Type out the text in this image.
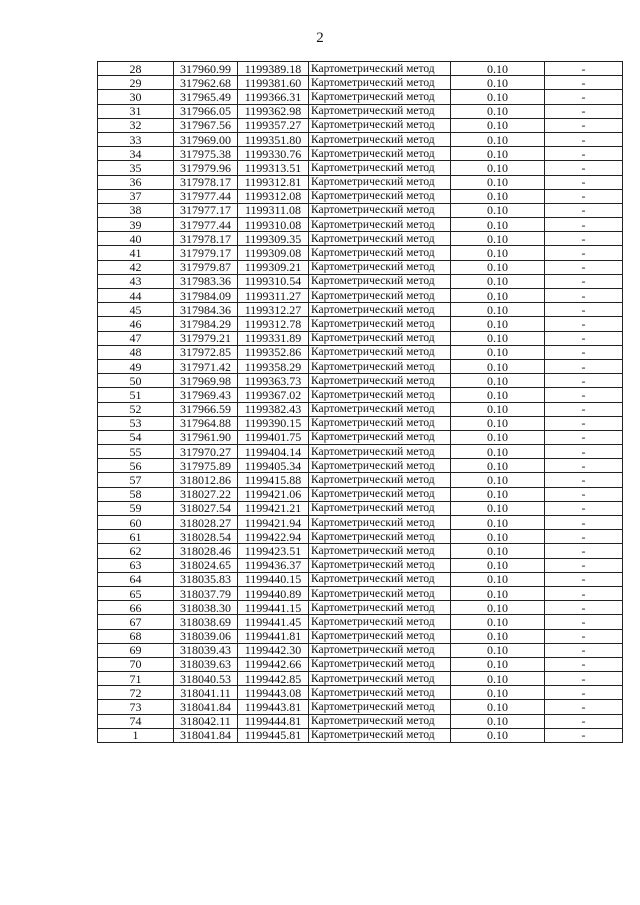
2
28	317960.99	1199389.18	Картометрический метод	0.10	-
29	317962.68	1199381.60	Картометрический метод	0.10	-
30	317965.49	1199366.31	Картометрический метод	0.10	-
31	317966.05	1199362.98	Картометрический метод	0.10	-
32	317967.56	1199357.27	Картометрический метод	0.10	-
33	317969.00	1199351.80	Картометрический метод	0.10	-
34	317975.38	1199330.76	Картометрический метод	0.10	-
35	317979.96	1199313.51	Картометрический метод	0.10	-
36	317978.17	1199312.81	Картометрический метод	0.10	-
37	317977.44	1199312.08	Картометрический метод	0.10	-
38	317977.17	1199311.08	Картометрический метод	0.10	-
39	317977.44	1199310.08	Картометрический метод	0.10	-
40	317978.17	1199309.35	Картометрический метод	0.10	-
41	317979.17	1199309.08	Картометрический метод	0.10	-
42	317979.87	1199309.21	Картометрический метод	0.10	-
43	317983.36	1199310.54	Картометрический метод	0.10	-
44	317984.09	1199311.27	Картометрический метод	0.10	-
45	317984.36	1199312.27	Картометрический метод	0.10	-
46	317984.29	1199312.78	Картометрический метод	0.10	-
47	317979.21	1199331.89	Картометрический метод	0.10	-
48	317972.85	1199352.86	Картометрический метод	0.10	-
49	317971.42	1199358.29	Картометрический метод	0.10	-
50	317969.98	1199363.73	Картометрический метод	0.10	-
51	317969.43	1199367.02	Картометрический метод	0.10	-
52	317966.59	1199382.43	Картометрический метод	0.10	-
53	317964.88	1199390.15	Картометрический метод	0.10	-
54	317961.90	1199401.75	Картометрический метод	0.10	-
55	317970.27	1199404.14	Картометрический метод	0.10	-
56	317975.89	1199405.34	Картометрический метод	0.10	-
57	318012.86	1199415.88	Картометрический метод	0.10	-
58	318027.22	1199421.06	Картометрический метод	0.10	-
59	318027.54	1199421.21	Картометрический метод	0.10	-
60	318028.27	1199421.94	Картометрический метод	0.10	-
61	318028.54	1199422.94	Картометрический метод	0.10	-
62	318028.46	1199423.51	Картометрический метод	0.10	-
63	318024.65	1199436.37	Картометрический метод	0.10	-
64	318035.83	1199440.15	Картометрический метод	0.10	-
65	318037.79	1199440.89	Картометрический метод	0.10	-
66	318038.30	1199441.15	Картометрический метод	0.10	-
67	318038.69	1199441.45	Картометрический метод	0.10	-
68	318039.06	1199441.81	Картометрический метод	0.10	-
69	318039.43	1199442.30	Картометрический метод	0.10	-
70	318039.63	1199442.66	Картометрический метод	0.10	-
71	318040.53	1199442.85	Картометрический метод	0.10	-
72	318041.11	1199443.08	Картометрический метод	0.10	-
73	318041.84	1199443.81	Картометрический метод	0.10	-
74	318042.11	1199444.81	Картометрический метод	0.10	-
1	318041.84	1199445.81	Картометрический метод	0.10	-
